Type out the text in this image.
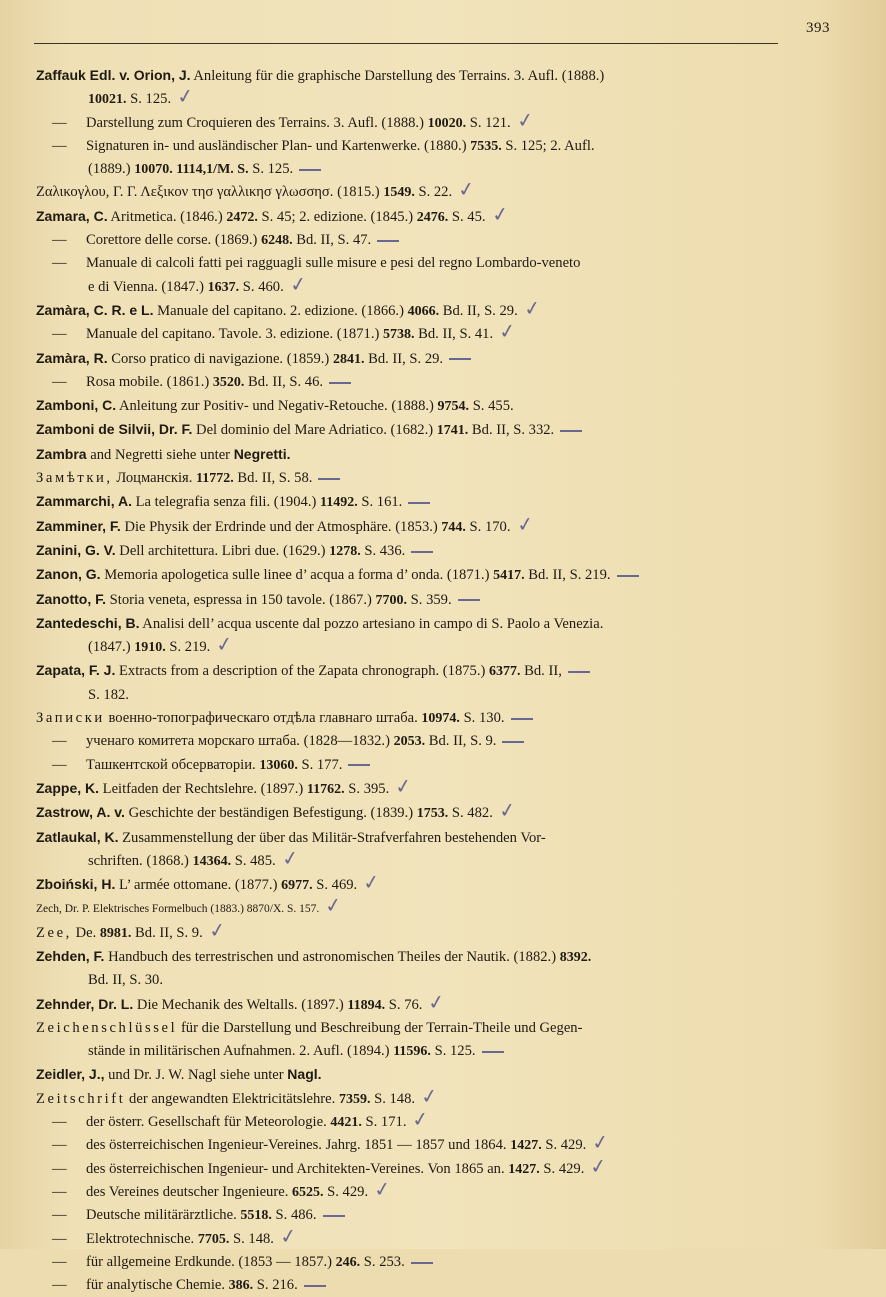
393
Zaffauk Edl. v. Orion, J. Anleitung für die graphische Darstellung des Terrains. 3. Aufl. (1888.)
10021. S. 125. ✓
— Darstellung zum Croquieren des Terrains. 3. Aufl. (1888.) 10020. S. 121. ✓
— Signaturen in- und ausländischer Plan- und Kartenwerke. (1880.) 7535. S. 125; 2. Aufl.
(1889.) 10070. 1114,1/M. S. S. 125.
Ζαλικογλου, Γ. Γ. Λεξικον τησ γαλλικησ γλωσσησ. (1815.) 1549. S. 22. ✓
Zamara, C. Aritmetica. (1846.) 2472. S. 45; 2. edizione. (1845.) 2476. S. 45. ✓
— Corettore delle corse. (1869.) 6248. Bd. II, S. 47.
— Manuale di calcoli fatti pei ragguagli sulle misure e pesi del regno Lombardo-veneto
e di Vienna. (1847.) 1637. S. 460. ✓
Zamàra, C. R. e L. Manuale del capitano. 2. edizione. (1866.) 4066. Bd. II, S. 29. ✓
— Manuale del capitano. Tavole. 3. edizione. (1871.) 5738. Bd. II, S. 41. ✓
Zamàra, R. Corso pratico di navigazione. (1859.) 2841. Bd. II, S. 29.
— Rosa mobile. (1861.) 3520. Bd. II, S. 46.
Zamboni, C. Anleitung zur Positiv- und Negativ-Retouche. (1888.) 9754. S. 455.
Zamboni de Silvii, Dr. F. Del dominio del Mare Adriatico. (1682.) 1741. Bd. II, S. 332.
Zambra and Negretti siehe unter Negretti.
Замѣтки, Лоцманскія. 11772. Bd. II, S. 58.
Zammarchi, A. La telegrafia senza fili. (1904.) 11492. S. 161.
Zamminer, F. Die Physik der Erdrinde und der Atmosphäre. (1853.) 744. S. 170. ✓
Zanini, G. V. Dell architettura. Libri due. (1629.) 1278. S. 436.
Zanon, G. Memoria apologetica sulle linee d’ acqua a forma d’ onda. (1871.) 5417. Bd. II, S. 219.
Zanotto, F. Storia veneta, espressa in 150 tavole. (1867.) 7700. S. 359.
Zantedeschi, B. Analisi dell’ acqua uscente dal pozzo artesiano in campo di S. Paolo a Venezia.
(1847.) 1910. S. 219. ✓
Zapata, F. J. Extracts from a description of the Zapata chronograph. (1875.) 6377. Bd. II,
S. 182.
Записки военно-топографическаго отдѣла главнаго штаба. 10974. S. 130.
— ученаго комитета морскаго штаба. (1828—1832.) 2053. Bd. II, S. 9.
— Ташкентской обсерваторіи. 13060. S. 177.
Zappe, K. Leitfaden der Rechtslehre. (1897.) 11762. S. 395. ✓
Zastrow, A. v. Geschichte der beständigen Befestigung. (1839.) 1753. S. 482. ✓
Zatlaukal, K. Zusammenstellung der über das Militär-Strafverfahren bestehenden Vor-
schriften. (1868.) 14364. S. 485. ✓
Zboiński, H. L’ armée ottomane. (1877.) 6977. S. 469. ✓
Zech, Dr. P. Elektrisches Formelbuch (1883.) 8870/X. S. 157. ✓
Zee, De. 8981. Bd. II, S. 9. ✓
Zehden, F. Handbuch des terrestrischen und astronomischen Theiles der Nautik. (1882.) 8392.
Bd. II, S. 30.
Zehnder, Dr. L. Die Mechanik des Weltalls. (1897.) 11894. S. 76. ✓
Zeichenschlüssel für die Darstellung und Beschreibung der Terrain-Theile und Gegen-
stände in militärischen Aufnahmen. 2. Aufl. (1894.) 11596. S. 125.
Zeidler, J., und Dr. J. W. Nagl siehe unter Nagl.
Zeitschrift der angewandten Elektricitätslehre. 7359. S. 148. ✓
— der österr. Gesellschaft für Meteorologie. 4421. S. 171. ✓
— des österreichischen Ingenieur-Vereines. Jahrg. 1851 — 1857 und 1864. 1427. S. 429. ✓
— des österreichischen Ingenieur- und Architekten-Vereines. Von 1865 an. 1427. S. 429. ✓
— des Vereines deutscher Ingenieure. 6525. S. 429. ✓
— Deutsche militärärztliche. 5518. S. 486.
— Elektrotechnische. 7705. S. 148. ✓
— für allgemeine Erdkunde. (1853 — 1857.) 246. S. 253.
— für analytische Chemie. 386. S. 216.
